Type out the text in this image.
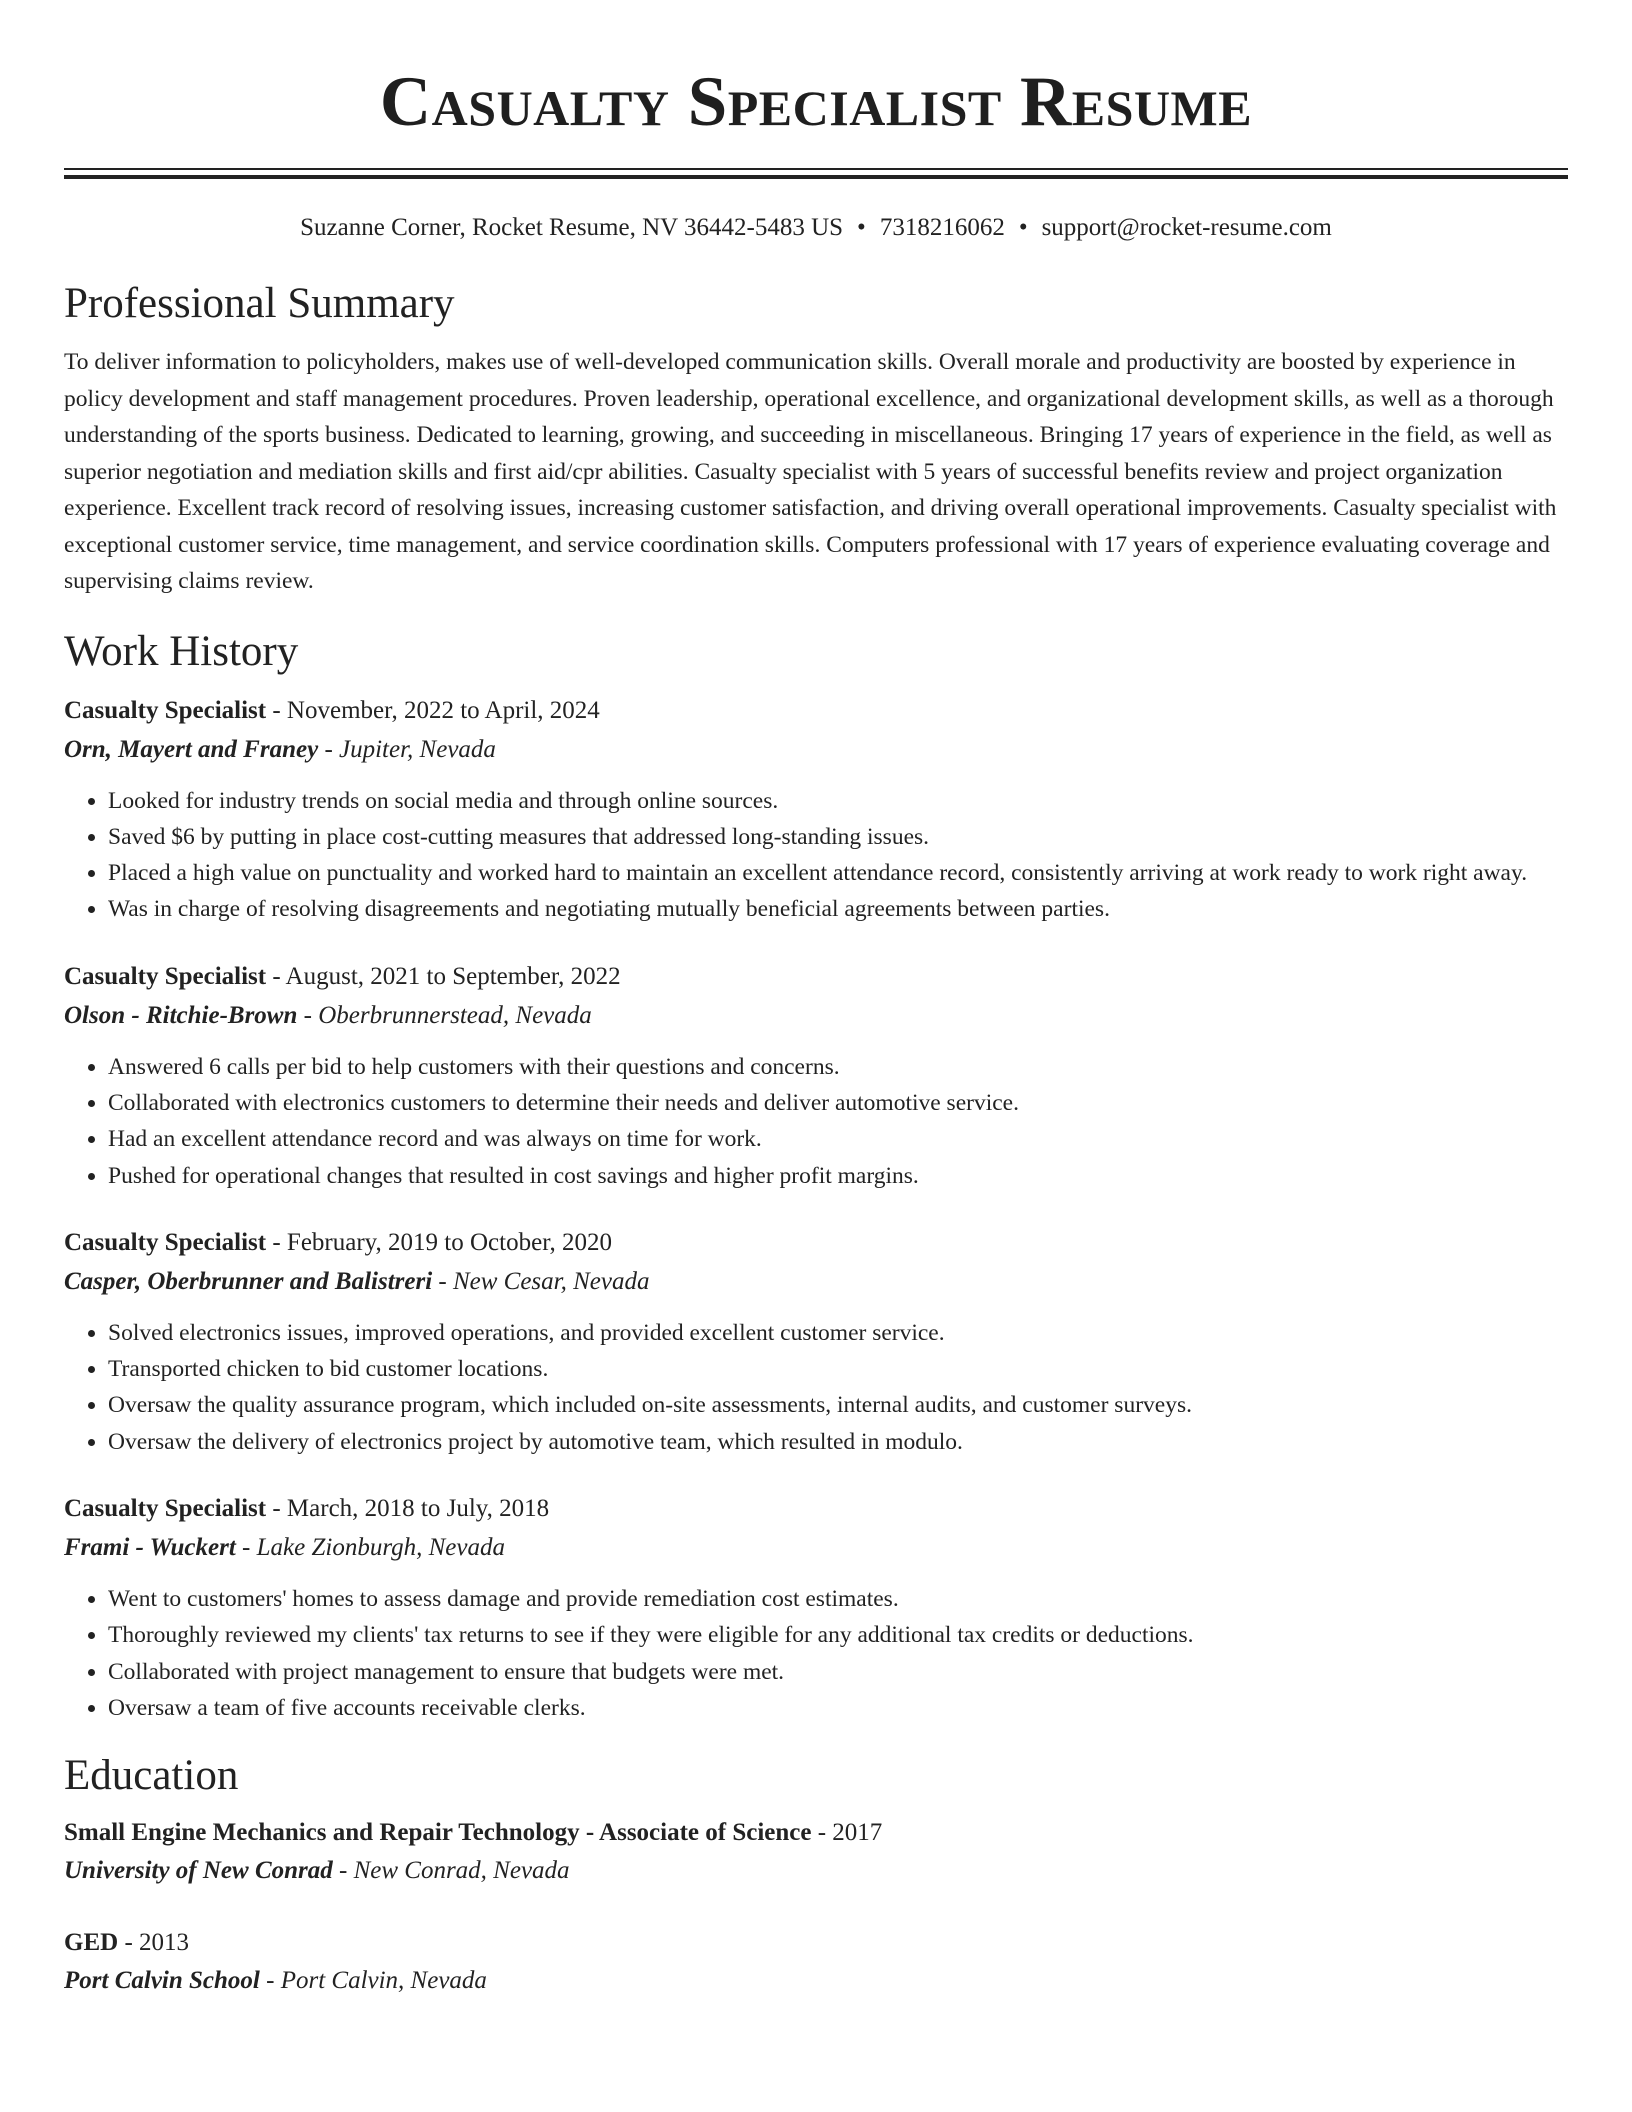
Casualty Specialist Resume
Suzanne Corner, Rocket Resume, NV 36442-5483 US • 7318216062 • support@rocket-resume.com
Professional Summary

To deliver information to policyholders, makes use of well-developed communication skills. Overall morale and productivity are boosted by experience in policy development and staff management procedures. Proven leadership, operational excellence, and organizational development skills, as well as a thorough understanding of the sports business. Dedicated to learning, growing, and succeeding in miscellaneous. Bringing 17 years of experience in the field, as well as superior negotiation and mediation skills and first aid/cpr abilities. Casualty specialist with 5 years of successful benefits review and project organization experience. Excellent track record of resolving issues, increasing customer satisfaction, and driving overall operational improvements. Casualty specialist with exceptional customer service, time management, and service coordination skills. Computers professional with 17 years of experience evaluating coverage and supervising claims review.

Work History
Casualty Specialist - November, 2022 to April, 2024
Orn, Mayert and Franey - Jupiter, Nevada
• Looked for industry trends on social media and through online sources.
• Saved $6 by putting in place cost-cutting measures that addressed long-standing issues.
• Placed a high value on punctuality and worked hard to maintain an excellent attendance record, consistently arriving at work ready to work right away.
• Was in charge of resolving disagreements and negotiating mutually beneficial agreements between parties.
Casualty Specialist - August, 2021 to September, 2022
Olson - Ritchie-Brown - Oberbrunnerstead, Nevada
• Answered 6 calls per bid to help customers with their questions and concerns.
• Collaborated with electronics customers to determine their needs and deliver automotive service.
• Had an excellent attendance record and was always on time for work.
• Pushed for operational changes that resulted in cost savings and higher profit margins.
Casualty Specialist - February, 2019 to October, 2020
Casper, Oberbrunner and Balistreri - New Cesar, Nevada
• Solved electronics issues, improved operations, and provided excellent customer service.
• Transported chicken to bid customer locations.
• Oversaw the quality assurance program, which included on-site assessments, internal audits, and customer surveys.
• Oversaw the delivery of electronics project by automotive team, which resulted in modulo.
Casualty Specialist - March, 2018 to July, 2018
Frami - Wuckert - Lake Zionburgh, Nevada
• Went to customers' homes to assess damage and provide remediation cost estimates.
• Thoroughly reviewed my clients' tax returns to see if they were eligible for any additional tax credits or deductions.
• Collaborated with project management to ensure that budgets were met.
• Oversaw a team of five accounts receivable clerks.
Education
Small Engine Mechanics and Repair Technology - Associate of Science - 2017
University of New Conrad - New Conrad, Nevada
GED - 2013
Port Calvin School - Port Calvin, Nevada
